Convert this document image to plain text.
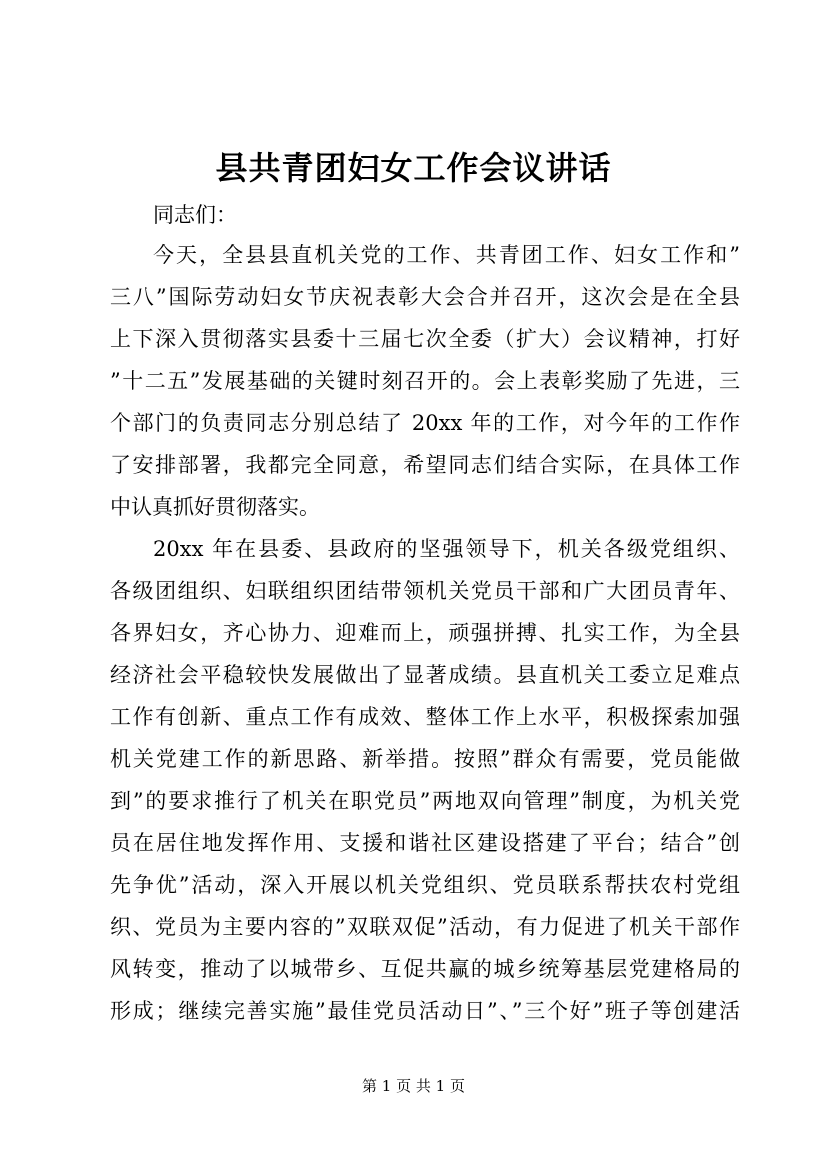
县共青团妇女工作会议讲话
同志们：
今天，全县县直机关党的工作、共青团工作、妇女工作和”
三八”国际劳动妇女节庆祝表彰大会合并召开，这次会是在全县
上下深入贯彻落实县委十三届七次全委（扩大）会议精神，打好
”十二五”发展基础的关键时刻召开的。会上表彰奖励了先进，三
个部门的负责同志分别总结了 20xx 年的工作，对今年的工作作
了安排部署，我都完全同意，希望同志们结合实际，在具体工作
中认真抓好贯彻落实。
20xx 年在县委、县政府的坚强领导下，机关各级党组织、
各级团组织、妇联组织团结带领机关党员干部和广大团员青年、
各界妇女，齐心协力、迎难而上，顽强拼搏、扎实工作，为全县
经济社会平稳较快发展做出了显著成绩。县直机关工委立足难点
工作有创新、重点工作有成效、整体工作上水平，积极探索加强
机关党建工作的新思路、新举措。按照”群众有需要，党员能做
到”的要求推行了机关在职党员”两地双向管理”制度，为机关党
员在居住地发挥作用、支援和谐社区建设搭建了平台；结合”创
先争优”活动，深入开展以机关党组织、党员联系帮扶农村党组
织、党员为主要内容的”双联双促”活动，有力促进了机关干部作
风转变，推动了以城带乡、互促共赢的城乡统筹基层党建格局的
形成；继续完善实施”最佳党员活动日”、”三个好”班子等创建活
第 1 页 共 1 页
